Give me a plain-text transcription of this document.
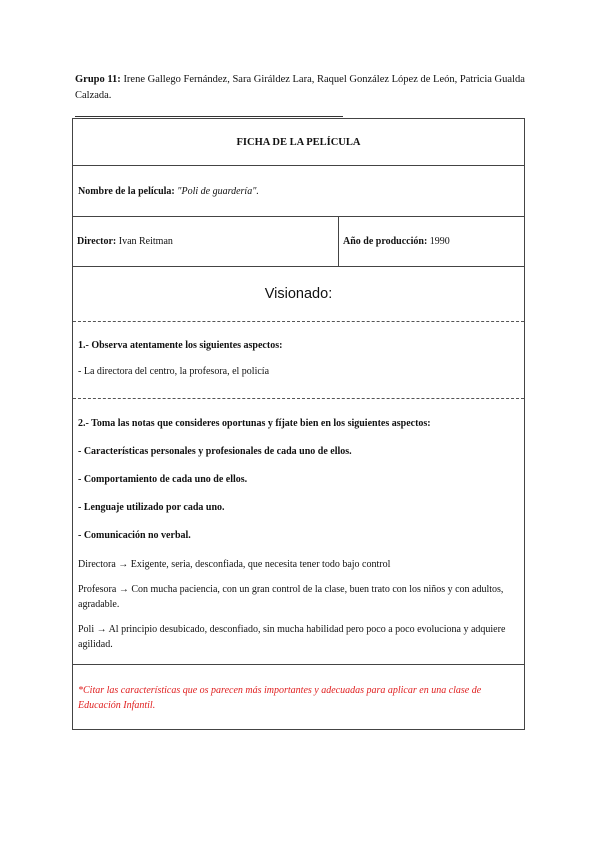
Grupo 11: Irene Gallego Fernández, Sara Giráldez Lara, Raquel González López de León, Patricia Gualda Calzada.
FICHA DE LA PELÍCULA
Nombre de la película:
"Poli de guardería".
Director:
Ivan Reitman	Año de producción:
1990
Visionado:

1.- Observa atentamente los siguientes aspectos:

- La directora del centro, la profesora, el policía

2.- Toma las notas que consideres oportunas y fíjate bien en los siguientes aspectos:

- Características personales y profesionales de cada uno de ellos.

- Comportamiento de cada uno de ellos.

- Lenguaje utilizado por cada uno.

- Comunicación no verbal.

Directora → Exigente, seria, desconfiada, que necesita tener todo bajo control

Profesora → Con mucha paciencia, con un gran control de la clase, buen trato con los niños y con adultos, agradable.

Poli → Al principio desubicado, desconfiado, sin mucha habilidad pero poco a poco evoluciona y adquiere agilidad.

*Citar las características que os parecen más importantes y adecuadas para aplicar en una clase de Educación Infantil.
